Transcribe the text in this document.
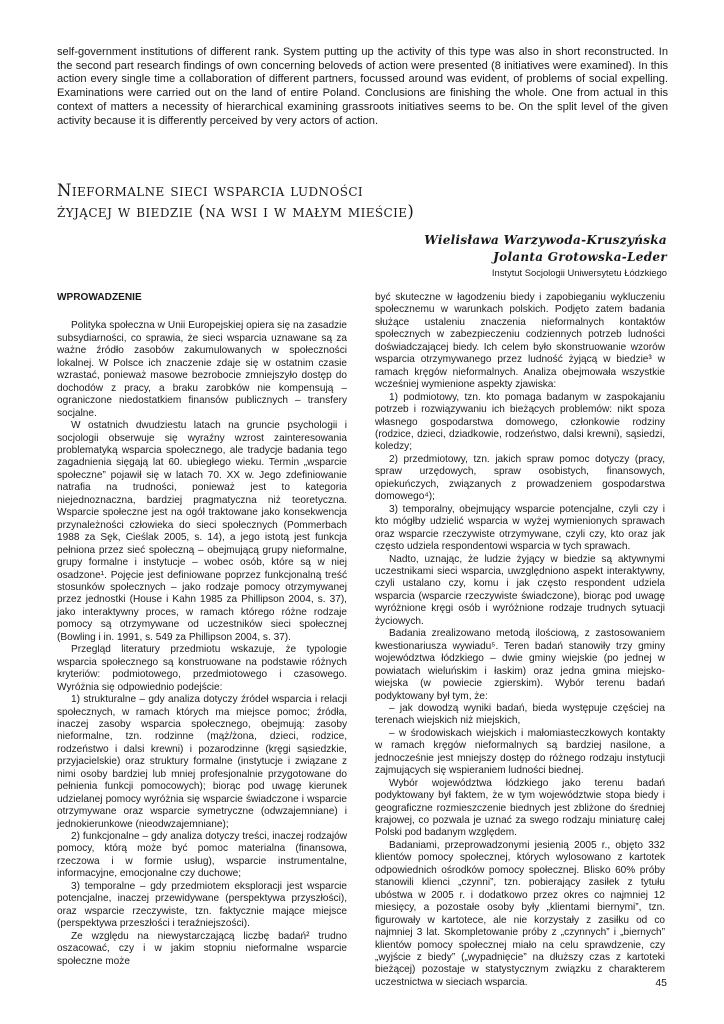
self-government institutions of different rank. System putting up the activity of this type was also in short reconstructed. In the second part research findings of own concerning beloveds of action were presented (8 initiatives were examined). In this action every single time a collaboration of different partners, focussed around was evident, of problems of social expelling. Examinations were carried out on the land of entire Poland. Conclusions are finishing the whole. One from actual in this context of matters a necessity of hierarchical examining grassroots initiatives seems to be. On the split level of the given activity because it is differently perceived by very actors of action.

Nieformalne sieci wsparcia ludności
żyjącej w biedzie (na wsi i w małym mieście)
Wielisława Warzywoda-Kruszyńska
Jolanta Grotowska-Leder
Instytut Socjologii Uniwersytetu Łódzkiego
WPROWADZENIE

Polityka społeczna w Unii Europejskiej opiera się na zasadzie subsydiarności, co sprawia, że sieci wsparcia uznawane są za ważne źródło zasobów zakumulowanych w społeczności lokalnej. W Polsce ich znaczenie zdaje się w ostatnim czasie wzrastać, ponieważ masowe bezrobocie zmniejszyło dostęp do dochodów z pracy, a braku zarobków nie kompensują – ograniczone niedostatkiem finansów publicznych – transfery socjalne.

W ostatnich dwudziestu latach na gruncie psychologii i socjologii obserwuje się wyraźny wzrost zainteresowania problematyką wsparcia społecznego, ale tradycje badania tego zagadnienia sięgają lat 60. ubiegłego wieku. Termin „wsparcie społeczne” pojawił się w latach 70. XX w. Jego zdefiniowanie natrafia na trudności, ponieważ jest to kategoria niejednoznaczna, bardziej pragmatyczna niż teoretyczna. Wsparcie społeczne jest na ogół traktowane jako konsekwencja przynależności człowieka do sieci społecznych (Pommerbach 1988 za Sęk, Cieślak 2005, s. 14), a jego istotą jest funkcja pełniona przez sieć społeczną – obejmującą grupy nieformalne, grupy formalne i instytucje – wobec osób, które są w niej osadzone¹. Pojęcie jest definiowane poprzez funkcjonalną treść stosunków społecznych – jako rodzaje pomocy otrzymywanej przez jednostki (House i Kahn 1985 za Phillipson 2004, s. 37), jako interaktywny proces, w ramach którego różne rodzaje pomocy są otrzymywane od uczestników sieci społecznej (Bowling i in. 1991, s. 549 za Phillipson 2004, s. 37).

Przegląd literatury przedmiotu wskazuje, że typologie wsparcia społecznego są konstruowane na podstawie różnych kryteriów: podmiotowego, przedmiotowego i czasowego. Wyróżnia się odpowiednio podejście:

1) strukturalne – gdy analiza dotyczy źródeł wsparcia i relacji społecznych, w ramach których ma miejsce pomoc; źródła, inaczej zasoby wsparcia społecznego, obejmują: zasoby nieformalne, tzn. rodzinne (mąż/żona, dzieci, rodzice, rodzeństwo i dalsi krewni) i pozarodzinne (kręgi sąsiedzkie, przyjacielskie) oraz struktury formalne (instytucje i związane z nimi osoby bardziej lub mniej profesjonalnie przygotowane do pełnienia funkcji pomocowych); biorąc pod uwagę kierunek udzielanej pomocy wyróżnia się wsparcie świadczone i wsparcie otrzymywane oraz wsparcie symetryczne (odwzajemniane) i jednokierunkowe (nieodwzajemniane);

2) funkcjonalne – gdy analiza dotyczy treści, inaczej rodzajów pomocy, którą może być pomoc materialna (finansowa, rzeczowa i w formie usług), wsparcie instrumentalne, informacyjne, emocjonalne czy duchowe;

3) temporalne – gdy przedmiotem eksploracji jest wsparcie potencjalne, inaczej przewidywane (perspektywa przyszłości), oraz wsparcie rzeczywiste, tzn. faktycznie mające miejsce (perspektywa przeszłości i teraźniejszości).

Ze względu na niewystarczającą liczbę badań² trudno oszacować, czy i w jakim stopniu nieformalne wsparcie społeczne może

być skuteczne w łagodzeniu biedy i zapobieganiu wykluczeniu społecznemu w warunkach polskich. Podjęto zatem badania służące ustaleniu znaczenia nieformalnych kontaktów społecznych w zabezpieczeniu codziennych potrzeb ludności doświadczającej biedy. Ich celem było skonstruowanie wzorów wsparcia otrzymywanego przez ludność żyjącą w biedzie³ w ramach kręgów nieformalnych. Analiza obejmowała wszystkie wcześniej wymienione aspekty zjawiska:

1) podmiotowy, tzn. kto pomaga badanym w zaspokajaniu potrzeb i rozwiązywaniu ich bieżących problemów: nikt spoza własnego gospodarstwa domowego, członkowie rodziny (rodzice, dzieci, dziadkowie, rodzeństwo, dalsi krewni), sąsiedzi, koledzy;

2) przedmiotowy, tzn. jakich spraw pomoc dotyczy (pracy, spraw urzędowych, spraw osobistych, finansowych, opiekuńczych, związanych z prowadzeniem gospodarstwa domowego⁴);

3) temporalny, obejmujący wsparcie potencjalne, czyli czy i kto mógłby udzielić wsparcia w wyżej wymienionych sprawach oraz wsparcie rzeczywiste otrzymywane, czyli czy, kto oraz jak często udziela respondentowi wsparcia w tych sprawach.

Nadto, uznając, że ludzie żyjący w biedzie są aktywnymi uczestnikami sieci wsparcia, uwzględniono aspekt interaktywny, czyli ustalano czy, komu i jak często respondent udziela wsparcia (wsparcie rzeczywiste świadczone), biorąc pod uwagę wyróżnione kręgi osób i wyróżnione rodzaje trudnych sytuacji życiowych.

Badania zrealizowano metodą ilościową, z zastosowaniem kwestionariusza wywiadu⁵. Teren badań stanowiły trzy gminy województwa łódzkiego – dwie gminy wiejskie (po jednej w powiatach wieluńskim i łaskim) oraz jedna gmina miejsko-wiejska (w powiecie zgierskim). Wybór terenu badań podyktowany był tym, że:

– jak dowodzą wyniki badań, bieda występuje częściej na terenach wiejskich niż miejskich,

– w środowiskach wiejskich i małomiasteczkowych kontakty w ramach kręgów nieformalnych są bardziej nasilone, a jednocześnie jest mniejszy dostęp do różnego rodzaju instytucji zajmujących się wspieraniem ludności biednej.

Wybór województwa łódzkiego jako terenu badań podyktowany był faktem, że w tym województwie stopa biedy i geograficzne rozmieszczenie biednych jest zbliżone do średniej krajowej, co pozwala je uznać za swego rodzaju miniaturę całej Polski pod badanym względem.

Badaniami, przeprowadzonymi jesienią 2005 r., objęto 332 klientów pomocy społecznej, których wylosowano z kartotek odpowiednich ośrodków pomocy społecznej. Blisko 60% próby stanowili klienci „czynni”, tzn. pobierający zasiłek z tytułu ubóstwa w 2005 r. i dodatkowo przez okres co najmniej 12 miesięcy, a pozostałe osoby były „klientami biernymi”, tzn. figurowały w kartotece, ale nie korzystały z zasiłku od co najmniej 3 lat. Skompletowanie próby z „czynnych” i „biernych” klientów pomocy społecznej miało na celu sprawdzenie, czy „wyjście z biedy” („wypadnięcie” na dłuższy czas z kartoteki bieżącej) pozostaje w statystycznym związku z charakterem uczestnictwa w sieciach wsparcia.	45
